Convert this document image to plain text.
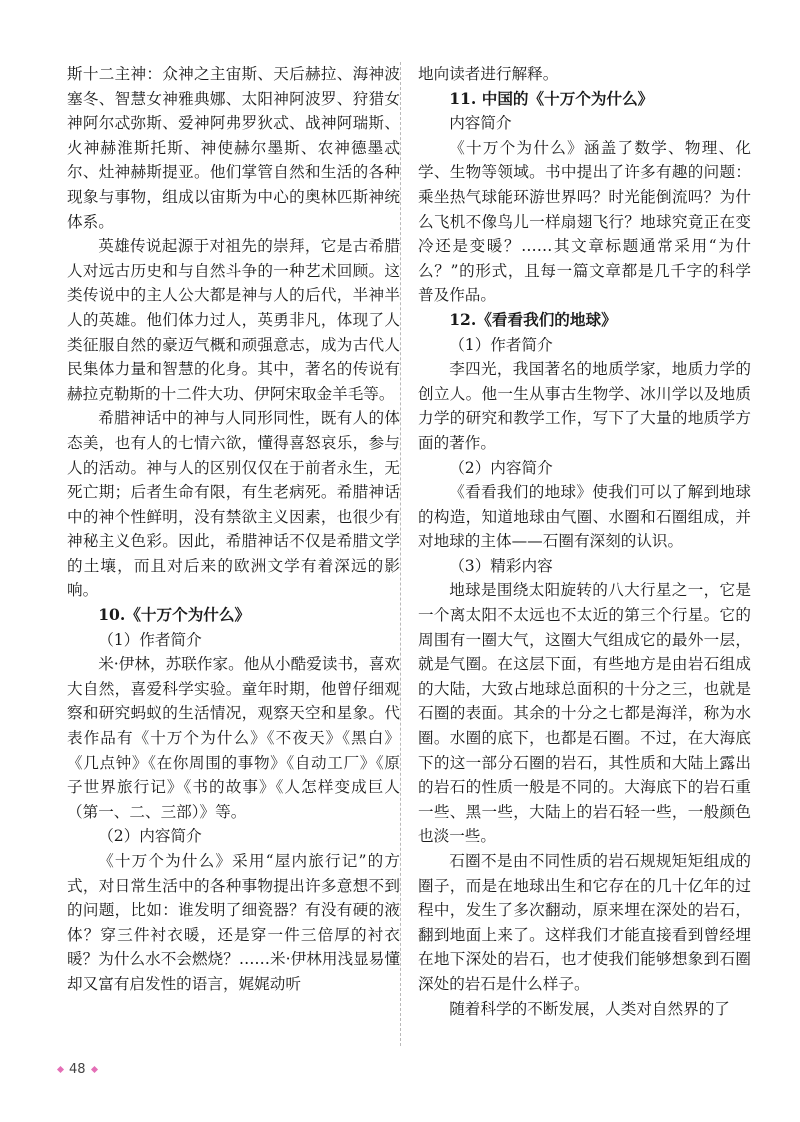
斯十二主神：众神之主宙斯、天后赫拉、海神波塞冬、智慧女神雅典娜、太阳神阿波罗、狩猎女神阿尔忒弥斯、爱神阿弗罗狄忒、战神阿瑞斯、火神赫淮斯托斯、神使赫尔墨斯、农神德墨忒尔、灶神赫斯提亚。他们掌管自然和生活的各种现象与事物，组成以宙斯为中心的奥林匹斯神统体系。

英雄传说起源于对祖先的崇拜，它是古希腊人对远古历史和与自然斗争的一种艺术回顾。这类传说中的主人公大都是神与人的后代，半神半人的英雄。他们体力过人，英勇非凡，体现了人类征服自然的豪迈气概和顽强意志，成为古代人民集体力量和智慧的化身。其中，著名的传说有赫拉克勒斯的十二件大功、伊阿宋取金羊毛等。

希腊神话中的神与人同形同性，既有人的体态美，也有人的七情六欲，懂得喜怒哀乐，参与人的活动。神与人的区别仅仅在于前者永生，无死亡期；后者生命有限，有生老病死。希腊神话中的神个性鲜明，没有禁欲主义因素，也很少有神秘主义色彩。因此，希腊神话不仅是希腊文学的土壤，而且对后来的欧洲文学有着深远的影响。

10.《十万个为什么》

（1）作者简介

米·伊林，苏联作家。他从小酷爱读书，喜欢大自然，喜爱科学实验。童年时期，他曾仔细观察和研究蚂蚁的生活情况，观察天空和星象。代表作品有《十万个为什么》《不夜天》《黑白》《几点钟》《在你周围的事物》《自动工厂》《原子世界旅行记》《书的故事》《人怎样变成巨人（第一、二、三部）》等。

（2）内容简介

《十万个为什么》采用“屋内旅行记”的方式，对日常生活中的各种事物提出许多意想不到的问题，比如：谁发明了细瓷器？有没有硬的液体？穿三件衬衣暖，还是穿一件三倍厚的衬衣暖？为什么水不会燃烧？……米·伊林用浅显易懂却又富有启发性的语言，娓娓动听

地向读者进行解释。

11. 中国的《十万个为什么》

内容简介

《十万个为什么》涵盖了数学、物理、化学、生物等领域。书中提出了许多有趣的问题：乘坐热气球能环游世界吗？时光能倒流吗？为什么飞机不像鸟儿一样扇翅飞行？地球究竟正在变冷还是变暖？……其文章标题通常采用“为什么？”的形式，且每一篇文章都是几千字的科学普及作品。

12.《看看我们的地球》

（1）作者简介

李四光，我国著名的地质学家，地质力学的创立人。他一生从事古生物学、冰川学以及地质力学的研究和教学工作，写下了大量的地质学方面的著作。

（2）内容简介

《看看我们的地球》使我们可以了解到地球的构造，知道地球由气圈、水圈和石圈组成，并对地球的主体——石圈有深刻的认识。

（3）精彩内容

地球是围绕太阳旋转的八大行星之一，它是一个离太阳不太远也不太近的第三个行星。它的周围有一圈大气，这圈大气组成它的最外一层，就是气圈。在这层下面，有些地方是由岩石组成的大陆，大致占地球总面积的十分之三，也就是石圈的表面。其余的十分之七都是海洋，称为水圈。水圈的底下，也都是石圈。不过，在大海底下的这一部分石圈的岩石，其性质和大陆上露出的岩石的性质一般是不同的。大海底下的岩石重一些、黑一些，大陆上的岩石轻一些，一般颜色也淡一些。

石圈不是由不同性质的岩石规规矩矩组成的圈子，而是在地球出生和它存在的几十亿年的过程中，发生了多次翻动，原来埋在深处的岩石，翻到地面上来了。这样我们才能直接看到曾经埋在地下深处的岩石，也才使我们能够想象到石圈深处的岩石是什么样子。

随着科学的不断发展，人类对自然界的了

48
